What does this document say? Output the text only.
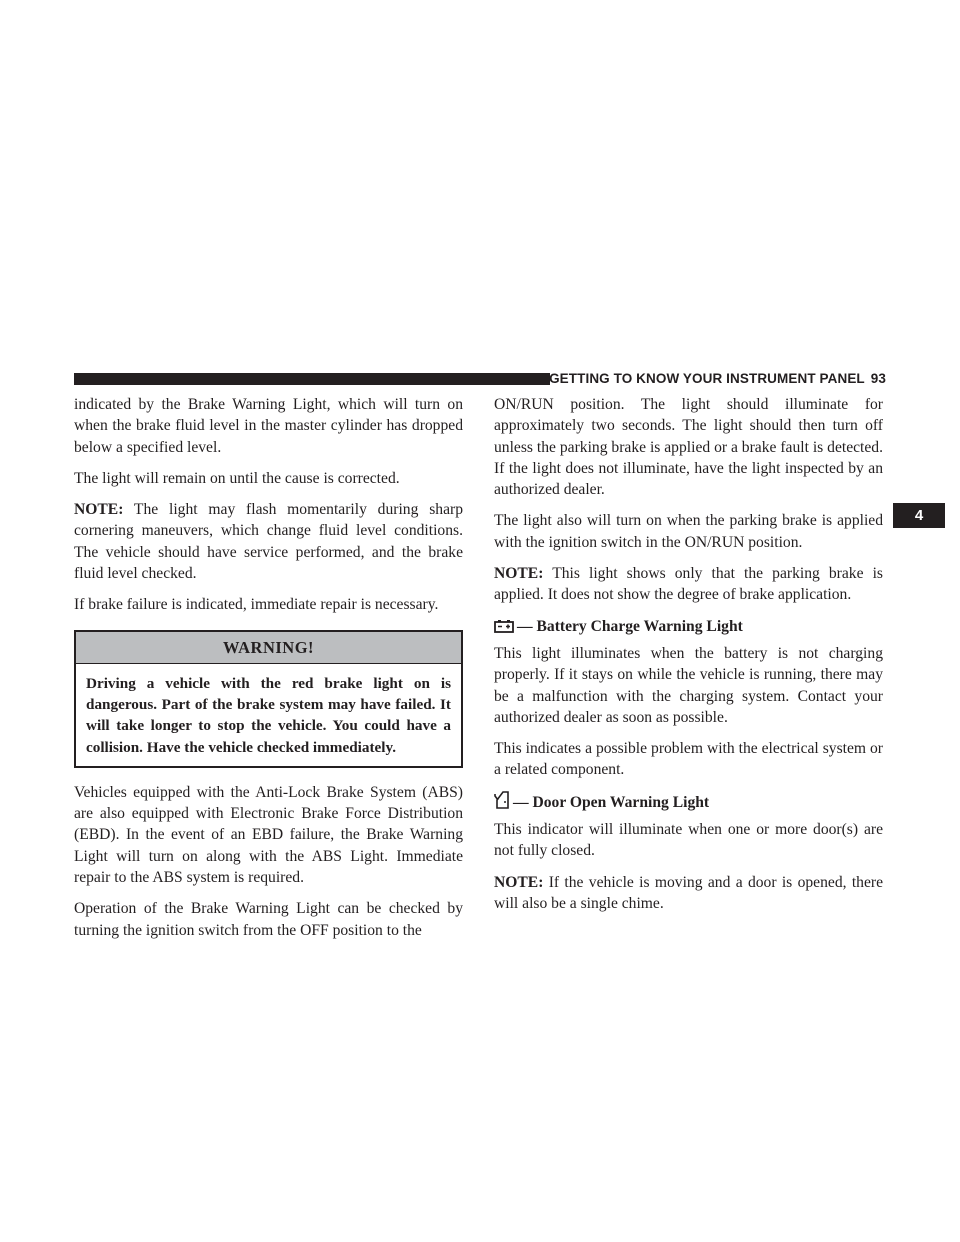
GETTING TO KNOW YOUR INSTRUMENT PANEL 93
4

indicated by the Brake Warning Light, which will turn on when the brake fluid level in the master cylinder has dropped below a specified level.

The light will remain on until the cause is corrected.

NOTE: The light may flash momentarily during sharp cornering maneuvers, which change fluid level conditions. The vehicle should have service performed, and the brake fluid level checked.

If brake failure is indicated, immediate repair is necessary.

WARNING!
Driving a vehicle with the red brake light on is dangerous. Part of the brake system may have failed. It will take longer to stop the vehicle. You could have a collision. Have the vehicle checked immediately.

Vehicles equipped with the Anti-Lock Brake System (ABS) are also equipped with Electronic Brake Force Distribution (EBD). In the event of an EBD failure, the Brake Warning Light will turn on along with the ABS Light. Immediate repair to the ABS system is required.

Operation of the Brake Warning Light can be checked by turning the ignition switch from the OFF position to the

ON/RUN position. The light should illuminate for approximately two seconds. The light should then turn off unless the parking brake is applied or a brake fault is detected. If the light does not illuminate, have the light inspected by an authorized dealer.

The light also will turn on when the parking brake is applied with the ignition switch in the ON/RUN position.

NOTE: This light shows only that the parking brake is applied. It does not show the degree of brake application.

— Battery Charge Warning Light

This light illuminates when the battery is not charging properly. If it stays on while the vehicle is running, there may be a malfunction with the charging system. Contact your authorized dealer as soon as possible.

This indicates a possible problem with the electrical system or a related component.

— Door Open Warning Light

This indicator will illuminate when one or more door(s) are not fully closed.

NOTE: If the vehicle is moving and a door is opened, there will also be a single chime.
